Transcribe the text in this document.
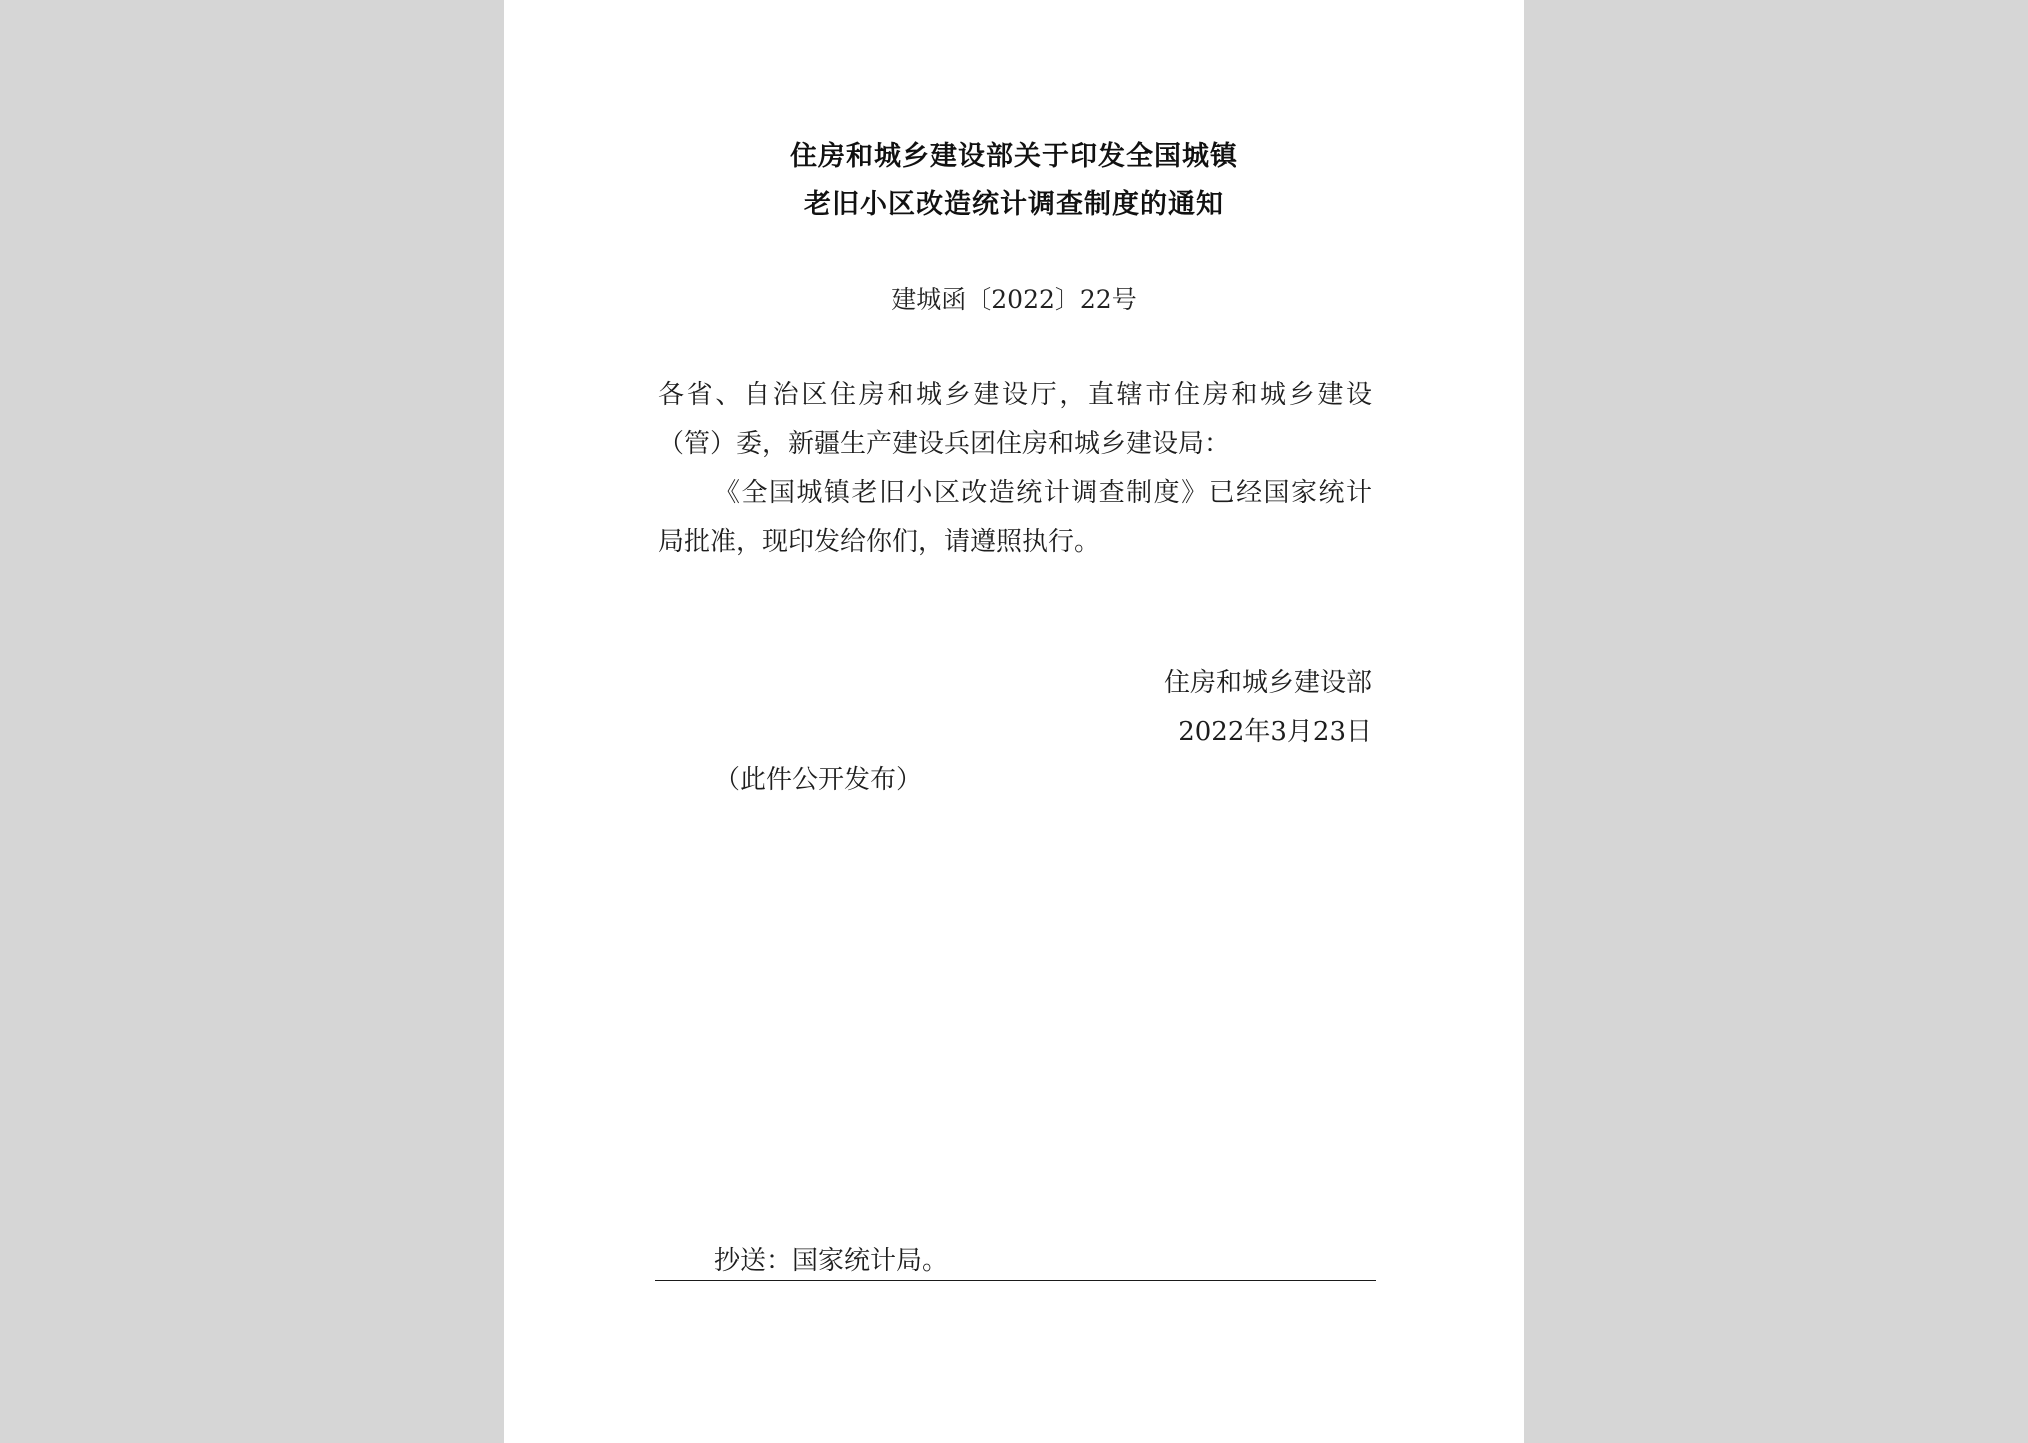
住房和城乡建设部关于印发全国城镇
老旧小区改造统计调查制度的通知
建城函〔2022〕22号
各省、自治区住房和城乡建设厅，直辖市住房和城乡建设
（管）委，新疆生产建设兵团住房和城乡建设局：
《全国城镇老旧小区改造统计调查制度》已经国家统计
局批准，现印发给你们，请遵照执行。
住房和城乡建设部
2022年3月23日
（此件公开发布）
抄送：国家统计局。
